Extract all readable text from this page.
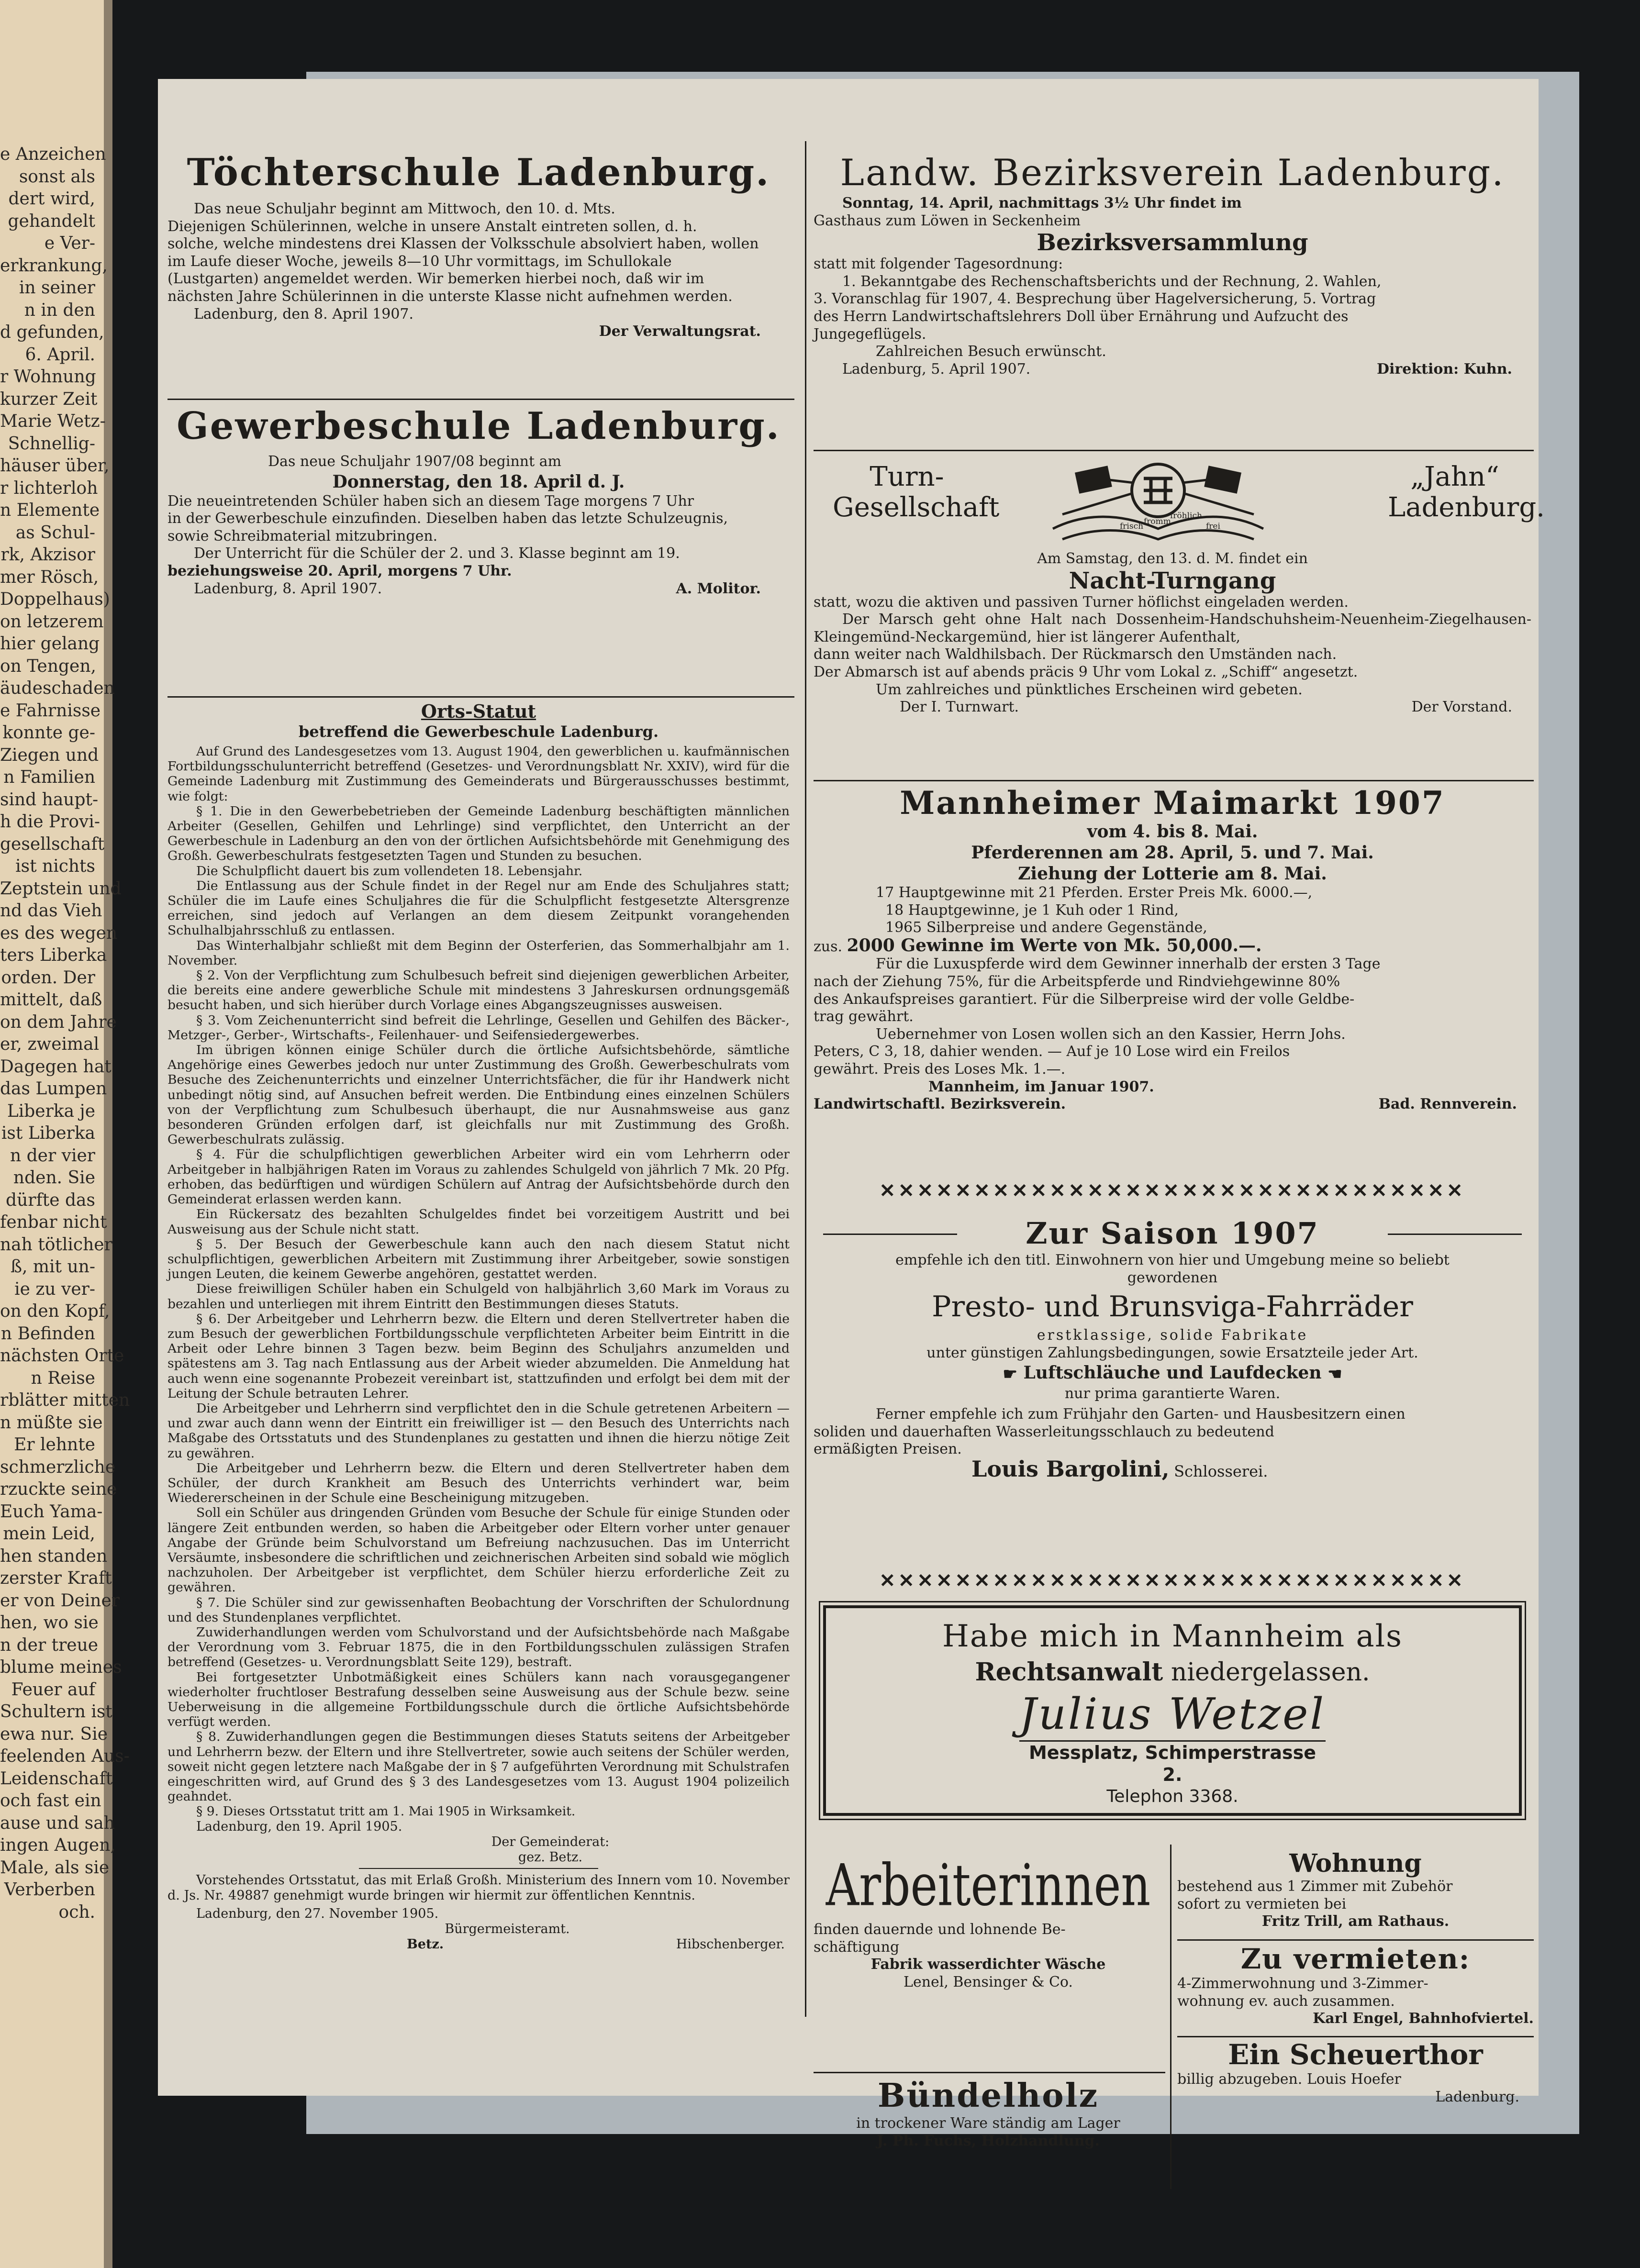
e Anzeichen
sonst als
dert wird,
gehandelt
e Ver-
erkrankung,
in seiner
n in den
d gefunden,
6. April.
r Wohnung
kurzer Zeit
Marie Wetz-
Schnellig-
häuser über,
r lichterloh
n Elemente
as Schul-
rk, Akzisor
mer Rösch,
Doppelhaus)
on letzerem
hier gelang
on Tengen,
äudeschaden
e Fahrnisse
konnte ge-
Ziegen und
n Familien
sind haupt-
h die Provi-
gesellschaft
ist nichts
Zeptstein und
nd das Vieh
es des wegen
ters Liberka
orden. Der
mittelt, daß
on dem Jahre
er, zweimal
Dagegen hat
das Lumpen
Liberka je
ist Liberka
n der vier
nden. Sie
dürfte das
fenbar nicht
nah tötlicher
ß, mit un-
ie zu ver-
on den Kopf,
n Befinden
nächsten Orte
n Reise
rblätter mitten
n müßte sie
Er lehnte
schmerzliche
rzuckte seine
Euch Yama-
mein Leid,
hen standen
zerster Kraft
er von Deiner
hen, wo sie
n der treue
blume meines
Feuer auf
Schultern ist
ewa nur. Sie
feelenden Aus-
Leidenschaft
och fast ein
ause und sah
ingen Augen,
Male, als sie
Verberben
och.
Töchterschule Ladenburg.
Das neue Schuljahr beginnt am Mittwoch, den 10. d. Mts.
Diejenigen Schülerinnen, welche in unsere Anstalt eintreten sollen, d. h.
solche, welche mindestens drei Klassen der Volksschule absolviert haben, wollen
im Laufe dieser Woche, jeweils 8—10 Uhr vormittags, im Schullokale
(Lustgarten) angemeldet werden. Wir bemerken hierbei noch, daß wir im
nächsten Jahre Schülerinnen in die unterste Klasse nicht aufnehmen werden.
Ladenburg, den 8. April 1907.
Der Verwaltungsrat.
Gewerbeschule Ladenburg.
Das neue Schuljahr 1907/08 beginnt am
Donnerstag, den 18. April d. J.
Die neueintretenden Schüler haben sich an diesem Tage morgens 7 Uhr
in der Gewerbeschule einzufinden. Dieselben haben das letzte Schulzeugnis,
sowie Schreibmaterial mitzubringen.
Der Unterricht für die Schüler der 2. und 3. Klasse beginnt am 19.
beziehungsweise 20. April, morgens 7 Uhr.
Ladenburg, 8. April 1907.	A. Molitor.
Orts-Statut
betreffend die Gewerbeschule Ladenburg.
Auf Grund des Landesgesetzes vom 13. August 1904, den gewerblichen u. kaufmännischen Fortbildungsschulunterricht betreffend (Gesetzes- und Verordnungsblatt Nr. XXIV), wird für die Gemeinde Ladenburg mit Zustimmung des Gemeinderats und Bürgerausschusses bestimmt, wie folgt:
§ 1. Die in den Gewerbebetrieben der Gemeinde Ladenburg beschäftigten männlichen Arbeiter (Gesellen, Gehilfen und Lehrlinge) sind verpflichtet, den Unterricht an der Gewerbeschule in Ladenburg an den von der örtlichen Aufsichtsbehörde mit Genehmigung des Großh. Gewerbeschulrats festgesetzten Tagen und Stunden zu besuchen.
Die Schulpflicht dauert bis zum vollendeten 18. Lebensjahr.
Die Entlassung aus der Schule findet in der Regel nur am Ende des Schuljahres statt; Schüler die im Laufe eines Schuljahres die für die Schulpflicht festgesetzte Altersgrenze erreichen, sind jedoch auf Verlangen an dem diesem Zeitpunkt vorangehenden Schulhalbjahrsschluß zu entlassen.
Das Winterhalbjahr schließt mit dem Beginn der Osterferien, das Sommerhalbjahr am 1. November.
§ 2. Von der Verpflichtung zum Schulbesuch befreit sind diejenigen gewerblichen Arbeiter, die bereits eine andere gewerbliche Schule mit mindestens 3 Jahreskursen ordnungsgemäß besucht haben, und sich hierüber durch Vorlage eines Abgangszeugnisses ausweisen.
§ 3. Vom Zeichenunterricht sind befreit die Lehrlinge, Gesellen und Gehilfen des Bäcker-, Metzger-, Gerber-, Wirtschafts-, Feilenhauer- und Seifensiedergewerbes.
Im übrigen können einige Schüler durch die örtliche Aufsichtsbehörde, sämtliche Angehörige eines Gewerbes jedoch nur unter Zustimmung des Großh. Gewerbeschulrats vom Besuche des Zeichenunterrichts und einzelner Unterrichtsfächer, die für ihr Handwerk nicht unbedingt nötig sind, auf Ansuchen befreit werden. Die Entbindung eines einzelnen Schülers von der Verpflichtung zum Schulbesuch überhaupt, die nur Ausnahmsweise aus ganz besonderen Gründen erfolgen darf, ist gleichfalls nur mit Zustimmung des Großh. Gewerbeschulrats zulässig.
§ 4. Für die schulpflichtigen gewerblichen Arbeiter wird ein vom Lehrherrn oder Arbeitgeber in halbjährigen Raten im Voraus zu zahlendes Schulgeld von jährlich 7 Mk. 20 Pfg. erhoben, das bedürftigen und würdigen Schülern auf Antrag der Aufsichtsbehörde durch den Gemeinderat erlassen werden kann.
Ein Rückersatz des bezahlten Schulgeldes findet bei vorzeitigem Austritt und bei Ausweisung aus der Schule nicht statt.
§ 5. Der Besuch der Gewerbeschule kann auch den nach diesem Statut nicht schulpflichtigen, gewerblichen Arbeitern mit Zustimmung ihrer Arbeitgeber, sowie sonstigen jungen Leuten, die keinem Gewerbe angehören, gestattet werden.
Diese freiwilligen Schüler haben ein Schulgeld von halbjährlich 3,60 Mark im Voraus zu bezahlen und unterliegen mit ihrem Eintritt den Bestimmungen dieses Statuts.
§ 6. Der Arbeitgeber und Lehrherrn bezw. die Eltern und deren Stellvertreter haben die zum Besuch der gewerblichen Fortbildungsschule verpflichteten Arbeiter beim Eintritt in die Arbeit oder Lehre binnen 3 Tagen bezw. beim Beginn des Schuljahrs anzumelden und spätestens am 3. Tag nach Entlassung aus der Arbeit wieder abzumelden. Die Anmeldung hat auch wenn eine sogenannte Probezeit vereinbart ist, stattzufinden und erfolgt bei dem mit der Leitung der Schule betrauten Lehrer.
Die Arbeitgeber und Lehrherrn sind verpflichtet den in die Schule getretenen Arbeitern — und zwar auch dann wenn der Eintritt ein freiwilliger ist — den Besuch des Unterrichts nach Maßgabe des Ortsstatuts und des Stundenplanes zu gestatten und ihnen die hierzu nötige Zeit zu gewähren.
Die Arbeitgeber und Lehrherrn bezw. die Eltern und deren Stellvertreter haben dem Schüler, der durch Krankheit am Besuch des Unterrichts verhindert war, beim Wiedererscheinen in der Schule eine Bescheinigung mitzugeben.
Soll ein Schüler aus dringenden Gründen vom Besuche der Schule für einige Stunden oder längere Zeit entbunden werden, so haben die Arbeitgeber oder Eltern vorher unter genauer Angabe der Gründe beim Schulvorstand um Befreiung nachzusuchen. Das im Unterricht Versäumte, insbesondere die schriftlichen und zeichnerischen Arbeiten sind sobald wie möglich nachzuholen. Der Arbeitgeber ist verpflichtet, dem Schüler hierzu erforderliche Zeit zu gewähren.
§ 7. Die Schüler sind zur gewissenhaften Beobachtung der Vorschriften der Schulordnung und des Stundenplanes verpflichtet.
Zuwiderhandlungen werden vom Schulvorstand und der Aufsichtsbehörde nach Maßgabe der Verordnung vom 3. Februar 1875, die in den Fortbildungsschulen zulässigen Strafen betreffend (Gesetzes- u. Verordnungsblatt Seite 129), bestraft.
Bei fortgesetzter Unbotmäßigkeit eines Schülers kann nach vorausgegangener wiederholter fruchtloser Bestrafung desselben seine Ausweisung aus der Schule bezw. seine Ueberweisung in die allgemeine Fortbildungsschule durch die örtliche Aufsichtsbehörde verfügt werden.
§ 8. Zuwiderhandlungen gegen die Bestimmungen dieses Statuts seitens der Arbeitgeber und Lehrherrn bezw. der Eltern und ihre Stellvertreter, sowie auch seitens der Schüler werden, soweit nicht gegen letztere nach Maßgabe der in § 7 aufgeführten Verordnung mit Schulstrafen eingeschritten wird, auf Grund des § 3 des Landesgesetzes vom 13. August 1904 polizeilich geahndet.
§ 9. Dieses Ortsstatut tritt am 1. Mai 1905 in Wirksamkeit.
Ladenburg, den 19. April 1905.
Der Gemeinderat:
gez. Betz.
Vorstehendes Ortsstatut, das mit Erlaß Großh. Ministerium des Innern vom 10. November d. Js. Nr. 49887 genehmigt wurde bringen wir hiermit zur öffentlichen Kenntnis.
Ladenburg, den 27. November 1905.
Bürgermeisteramt.
Betz.	Hibschenberger.
Landw. Bezirksverein Ladenburg.
Sonntag, 14. April, nachmittags 3½ Uhr findet im
Gasthaus zum Löwen in Seckenheim
Bezirksversammlung
statt mit folgender Tagesordnung:
1. Bekanntgabe des Rechenschaftsberichts und der Rechnung, 2. Wahlen,
3. Voranschlag für 1907, 4. Besprechung über Hagelversicherung, 5. Vortrag
des Herrn Landwirtschaftslehrers Doll über Ernährung und Aufzucht des
Jungegeflügels.
Zahlreichen Besuch erwünscht.
Ladenburg, 5. April 1907.	Direktion: Kuhn.
Turn-
Gesellschaft
frisch fromm
fröhlich
frei
„Jahn“
Ladenburg.
Am Samstag, den 13. d. M. findet ein
Nacht-Turngang
statt, wozu die aktiven und passiven Turner höflichst eingeladen werden.
Der Marsch geht ohne Halt nach Dossenheim-Handschuhsheim-Neuenheim-Ziegelhausen-Kleingemünd-Neckargemünd, hier ist längerer Aufenthalt,
dann weiter nach Waldhilsbach. Der Rückmarsch den Umständen nach.
Der Abmarsch ist auf abends präcis 9 Uhr vom Lokal z. „Schiff“ angesetzt.
Um zahlreiches und pünktliches Erscheinen wird gebeten.
Der I. Turnwart.	Der Vorstand.
Mannheimer Maimarkt 1907
vom 4. bis 8. Mai.
Pferderennen am 28. April, 5. und 7. Mai.
Ziehung der Lotterie am 8. Mai.
17 Hauptgewinne mit 21 Pferden. Erster Preis Mk. 6000.—,
18 Hauptgewinne, je 1 Kuh oder 1 Rind,
1965 Silberpreise und andere Gegenstände,
zus. 2000 Gewinne im Werte von Mk. 50,000.—.
Für die Luxuspferde wird dem Gewinner innerhalb der ersten 3 Tage
nach der Ziehung 75%, für die Arbeitspferde und Rindviehgewinne 80%
des Ankaufspreises garantiert. Für die Silberpreise wird der volle Geldbe-
trag gewährt.
Uebernehmer von Losen wollen sich an den Kassier, Herrn Johs.
Peters, C 3, 18, dahier wenden. — Auf je 10 Lose wird ein Freilos
gewährt. Preis des Loses Mk. 1.—.
Mannheim, im Januar 1907.
Landwirtschaftl. Bezirksverein.	Bad. Rennverein.
✕✕✕✕✕✕✕✕✕✕✕✕✕✕✕✕✕✕✕✕✕✕✕✕✕✕✕✕✕✕✕
Zur Saison 1907
empfehle ich den titl. Einwohnern von hier und Umgebung meine so beliebt
gewordenen
Presto- und Brunsviga-Fahrräder
erstklassige, solide Fabrikate
unter günstigen Zahlungsbedingungen, sowie Ersatzteile jeder Art.
☛ Luftschläuche und Laufdecken ☚
nur prima garantierte Waren.
Ferner empfehle ich zum Frühjahr den Garten- und Hausbesitzern einen
soliden und dauerhaften Wasserleitungsschlauch zu bedeutend
ermäßigten Preisen.
Louis Bargolini, Schlosserei.
✕✕✕✕✕✕✕✕✕✕✕✕✕✕✕✕✕✕✕✕✕✕✕✕✕✕✕✕✕✕✕
Habe mich in Mannheim als
Rechtsanwalt niedergelassen.
Julius Wetzel
Messplatz, Schimperstrasse 2.
Telephon 3368.
Arbeiterinnen
finden dauernde und lohnende Be-
schäftigung
Fabrik wasserdichter Wäsche
Lenel, Bensinger & Co.
Bündelholz
in trockener Ware ständig am Lager
J. Ph. Fuchs, Holzhandlung.
Wohnung
bestehend aus 1 Zimmer mit Zubehör
sofort zu vermieten bei
Fritz Trill, am Rathaus.
Zu vermieten:
4-Zimmerwohnung und 3-Zimmer-
wohnung ev. auch zusammen.
Karl Engel, Bahnhofviertel.
Ein Scheuerthor
billig abzugeben. Louis Hoefer
Ladenburg.
